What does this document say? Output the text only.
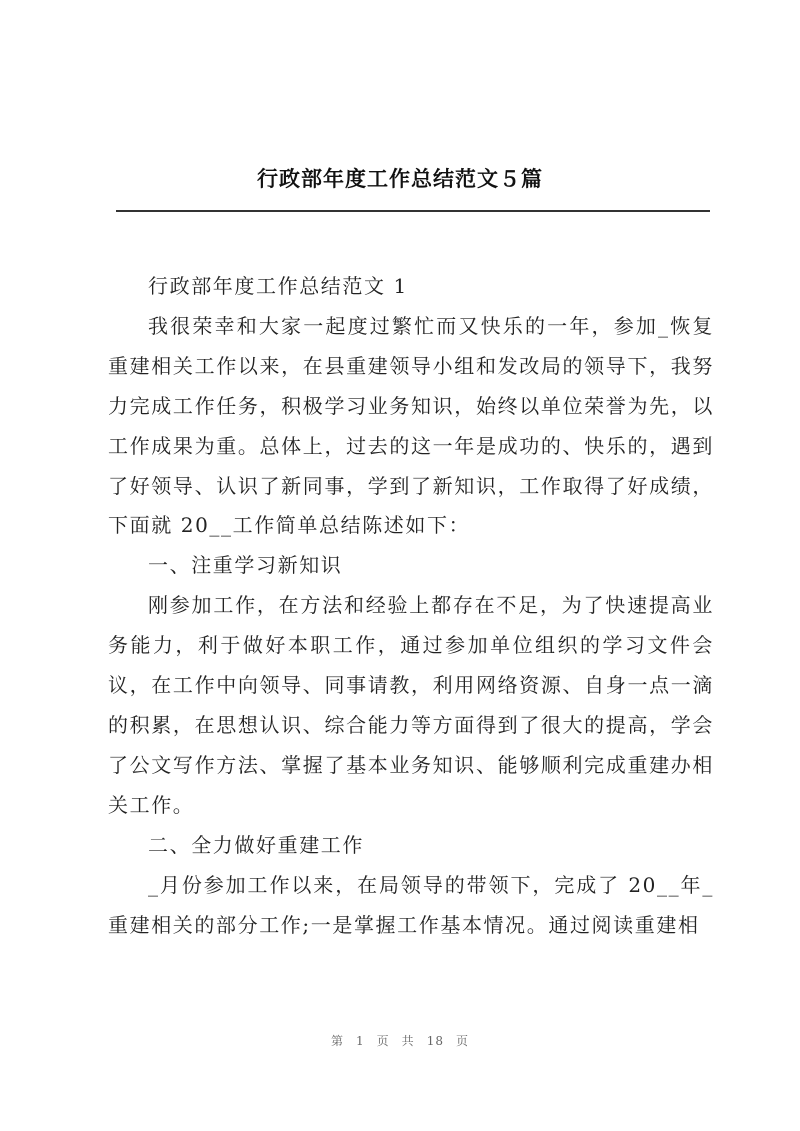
行政部年度工作总结范文５篇

行政部年度工作总结范文 1

我很荣幸和大家一起度过繁忙而又快乐的一年，参加_恢复重建相关工作以来，在县重建领导小组和发改局的领导下，我努力完成工作任务，积极学习业务知识，始终以单位荣誉为先，以工作成果为重。总体上，过去的这一年是成功的、快乐的，遇到了好领导、认识了新同事，学到了新知识，工作取得了好成绩，下面就 20__工作简单总结陈述如下：

一、注重学习新知识

刚参加工作，在方法和经验上都存在不足，为了快速提高业务能力，利于做好本职工作，通过参加单位组织的学习文件会议，在工作中向领导、同事请教，利用网络资源、自身一点一滴的积累，在思想认识、综合能力等方面得到了很大的提高，学会了公文写作方法、掌握了基本业务知识、能够顺利完成重建办相关工作。

二、全力做好重建工作

_月份参加工作以来，在局领导的带领下，完成了 20__年_重建相关的部分工作;一是掌握工作基本情况。通过阅读重建相

第 1 页 共 18 页
